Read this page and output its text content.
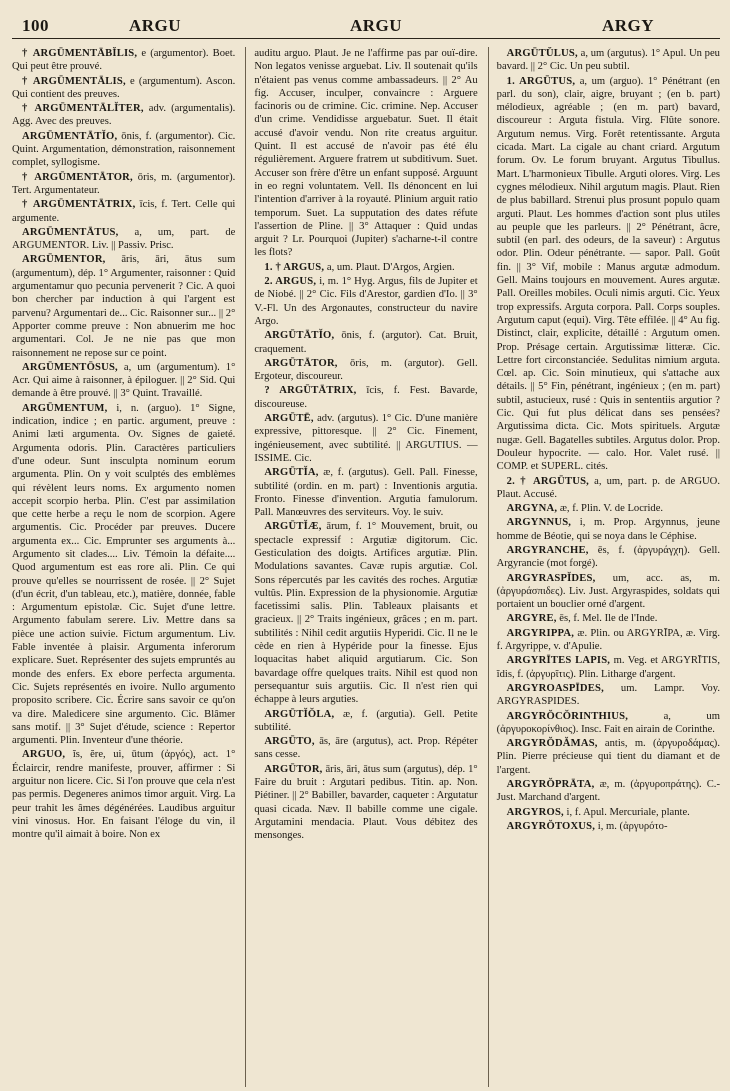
100	ARGU	ARGU	ARGY

† ARGŪMENTĀBĬLIS, e (argumentor). Boet. Qui peut être prouvé.

† ARGŪMENTĀLIS, e (argumentum). Ascon. Qui contient des preuves.

† ARGŪMENTĀLĬTER, adv. (argumentalis). Agg. Avec des preuves.

ARGŪMENTĀTĬO, ōnis, f. (argumentor). Cic. Quint. Argumentation, démonstration, raisonnement complet, syllogisme.

† ARGŪMENTĀTOR, ōris, m. (argumentor). Tert. Argumentateur.

† ARGŪMENTĀTRIX, īcis, f. Tert. Celle qui argumente.

ARGŪMENTĀTUS, a, um, part. de ARGUMENTOR. Liv. || Passiv. Prisc.

ARGŪMENTOR, āris, āri, ātus sum (argumentum), dép. 1° Argumenter, raisonner : Quid argumentamur quo pecunia pervenerit ? Cic. A quoi bon chercher par induction à qui l'argent est parvenu? Argumentari de... Cic. Raisonner sur... || 2° Apporter comme preuve : Non abnuerim me hoc argumentari. Col. Je ne nie pas que mon raisonnement ne repose sur ce point.

ARGŪMENTŌSUS, a, um (argumentum). 1° Acr. Qui aime à raisonner, à épiloguer. || 2° Sid. Qui demande à être prouvé. || 3° Quint. Travaillé.

ARGŪMENTUM, i, n. (arguo). 1° Signe, indication, indice ; en partic. argument, preuve : Animi læti argumenta. Ov. Signes de gaieté. Argumenta odoris. Plin. Caractères particuliers d'une odeur. Sunt insculpta nominum eorum argumenta. Plin. On y voit sculptés des emblèmes qui révèlent leurs noms. Ex argumento nomen accepit scorpio herba. Plin. C'est par assimilation que cette herbe a reçu le nom de scorpion. Agere argumentis. Cic. Procéder par preuves. Ducere argumenta ex... Cic. Emprunter ses arguments à... Argumento sit clades.... Liv. Témoin la défaite.... Quod argumentum est eas rore ali. Plin. Ce qui prouve qu'elles se nourrissent de rosée. || 2° Sujet (d'un écrit, d'un tableau, etc.), matière, donnée, fable : Argumentum epistolæ. Cic. Sujet d'une lettre. Argumento fabulam serere. Liv. Mettre dans sa pièce une action suivie. Fictum argumentum. Liv. Fable inventée à plaisir. Argumenta inferorum explicare. Suet. Représenter des sujets empruntés au monde des enfers. Ex ebore perfecta argumenta. Cic. Sujets représentés en ivoire. Nullo argumento proposito scribere. Cic. Écrire sans savoir ce qu'on va dire. Maledicere sine argumento. Cic. Blâmer sans motif. || 3° Sujet d'étude, science : Repertor argumenti. Plin. Inventeur d'une théorie.

ARGUO, ĭs, ĕre, ui, ūtum (ἀργός), act. 1° Éclaircir, rendre manifeste, prouver, affirmer : Si arguitur non licere. Cic. Si l'on prouve que cela n'est pas permis. Degeneres animos timor arguit. Virg. La peur trahit les âmes dégénérées. Laudibus arguitur vini vinosus. Hor. En faisant l'éloge du vin, il montre qu'il aimait à boire. Non ex

auditu arguo. Plaut. Je ne l'affirme pas par ouï-dire. Non legatos venisse arguebat. Liv. Il soutenait qu'ils n'étaient pas venus comme ambassadeurs. || 2° Au fig. Accuser, inculper, convaincre : Arguere facinoris ou de crimine. Cic. crimine. Nep. Accuser d'un crime. Vendidisse arguebatur. Suet. Il était accusé d'avoir vendu. Non rite creatus arguitur. Quint. Il est accusé de n'avoir pas été élu régulièrement. Arguere fratrem ut subditivum. Suet. Accuser son frère d'être un enfant supposé. Arguunt in eo regni voluntatem. Vell. Ils dénoncent en lui l'intention d'arriver à la royauté. Plinium arguit ratio temporum. Suet. La supputation des dates réfute l'assertion de Pline. || 3° Attaquer : Quid undas arguit ? Lr. Pourquoi (Jupiter) s'acharne-t-il contre les flots?

1. † ARGUS, a, um. Plaut. D'Argos, Argien.

2. ARGUS, i, m. 1° Hyg. Argus, fils de Jupiter et de Niobé. || 2° Cic. Fils d'Arestor, gardien d'Io. || 3° V.-Fl. Un des Argonautes, constructeur du navire Argo.

ARGŪTĀTĬO, ōnis, f. (argutor). Cat. Bruit, craquement.

ARGŪTĀTOR, ōris, m. (argutor). Gell. Ergoteur, discoureur.

? ARGŪTĀTRIX, īcis, f. Fest. Bavarde, discoureuse.

ARGŪTĒ, adv. (argutus). 1° Cic. D'une manière expressive, pittoresque. || 2° Cic. Finement, ingénieusement, avec subtilité. || ARGUTIUS. —ISSIME. Cic.

ARGŪTĬA, æ, f. (argutus). Gell. Pall. Finesse, subtilité (ordin. en m. part) : Inventionis argutia. Fronto. Finesse d'invention. Argutia famulorum. Pall. Manœuvres des serviteurs. Voy. le suiv.

ARGŪTĬÆ, ārum, f. 1° Mouvement, bruit, ou spectacle expressif : Argutiæ digitorum. Cic. Gesticulation des doigts. Artifices argutiæ. Plin. Modulations savantes. Cavæ rupis argutiæ. Col. Sons répercutés par les cavités des roches. Argutiæ vultûs. Plin. Expression de la physionomie. Argutiæ facetissimi salis. Plin. Tableaux plaisants et gracieux. || 2° Traits ingénieux, grâces ; en m. part. subtilités : Nihil cedit argutiis Hyperidi. Cic. Il ne le cède en rien à Hypéride pour la finesse. Ejus loquacitas habet aliquid argutiarum. Cic. Son bavardage offre quelques traits. Nihil est quod non persequantur suis argutiis. Cic. Il n'est rien qui échappe à leurs arguties.

ARGŪTĬŎLA, æ, f. (argutia). Gell. Petite subtilité.

ARGŪTO, ās, āre (argutus), act. Prop. Répéter sans cesse.

ARGŪTOR, āris, āri, ātus sum (argutus), dép. 1° Faire du bruit : Argutari pedibus. Titin. ap. Non. Piétiner. || 2° Babiller, bavarder, caqueter : Argutatur quasi cicada. Næv. Il babille comme une cigale. Argutamini mendacia. Plaut. Vous débitez des mensonges.

ARGŪTŬLUS, a, um (argutus). 1° Apul. Un peu bavard. || 2° Cic. Un peu subtil.

1. ARGŪTUS, a, um (arguo). 1° Pénétrant (en parl. du son), clair, aigre, bruyant ; (en b. part) mélodieux, agréable ; (en m. part) bavard, discoureur : Arguta fistula. Virg. Flûte sonore. Argutum nemus. Virg. Forêt retentissante. Arguta cicada. Mart. La cigale au chant criard. Argutum forum. Ov. Le forum bruyant. Argutus Tibullus. Mart. L'harmonieux Tibulle. Arguti olores. Virg. Les cygnes mélodieux. Nihil argutum magis. Plaut. Rien de plus babillard. Strenui plus prosunt populo quam arguti. Plaut. Les hommes d'action sont plus utiles au peuple que les parleurs. || 2° Pénétrant, âcre, subtil (en parl. des odeurs, de la saveur) : Argutus odor. Plin. Odeur pénétrante. — sapor. Pall. Goût fin. || 3° Vif, mobile : Manus argutæ admodum. Gell. Mains toujours en mouvement. Aures argutæ. Pall. Oreilles mobiles. Oculi nimis arguti. Cic. Yeux trop expressifs. Arguta corpora. Pall. Corps souples. Argutum caput (equi). Virg. Tête effilée. || 4° Au fig. Distinct, clair, explicite, détaillé : Argutum omen. Prop. Présage certain. Argutissimæ litteræ. Cic. Lettre fort circonstanciée. Sedulitas nimium arguta. Cœl. ap. Cic. Soin minutieux, qui s'attache aux détails. || 5° Fin, pénétrant, ingénieux ; (en m. part) subtil, astucieux, rusé : Quis in sententiis argutior ? Cic. Qui fut plus délicat dans ses pensées? Argutissima dicta. Cic. Mots spirituels. Argutæ nugæ. Gell. Bagatelles subtiles. Argutus dolor. Prop. Douleur hypocrite. — calo. Hor. Valet rusé. || COMP. et SUPERL. cités.

2. † ARGŪTUS, a, um, part. p. de ARGUO. Plaut. Accusé.

ARGYNA, æ, f. Plin. V. de Locride.

ARGYNNUS, i, m. Prop. Argynnus, jeune homme de Béotie, qui se noya dans le Céphise.

ARGYRANCHE, ēs, f. (ἀργυράγχη). Gell. Argyrancie (mot forgé).

ARGYRASPĬDES, um, acc. as, m. (ἀργυράσπιδες). Liv. Just. Argyraspides, soldats qui portaient un bouclier orné d'argent.

ARGYRE, ēs, f. Mel. Ile de l'Inde.

ARGYRIPPA, æ. Plin. ou ARGYRĪPA, æ. Virg. f. Argyrippe, v. d'Apulie.

ARGYRĪTES LAPIS, m. Veg. et ARGYRĪTIS, ĭdis, f. (ἀργυρῖτις). Plin. Litharge d'argent.

ARGYROASPĪDES, um. Lampr. Voy. ARGYRASPIDES.

ARGYRŎCŎRINTHIUS,	a, um (ἀργυροκορίνθιος). Insc. Fait en airain de Corinthe.

ARGYRŎDĂMAS, antis, m. (ἀργυροδάμας). Plin. Pierre précieuse qui tient du diamant et de l'argent.

ARGYRŎPRĀTA, æ, m. (ἀργυροπράτης). C.-Just. Marchand d'argent.

ARGYROS, i, f. Apul. Mercuriale, plante.

ARGYRŎTOXUS, i, m. (ἀργυρότο-
